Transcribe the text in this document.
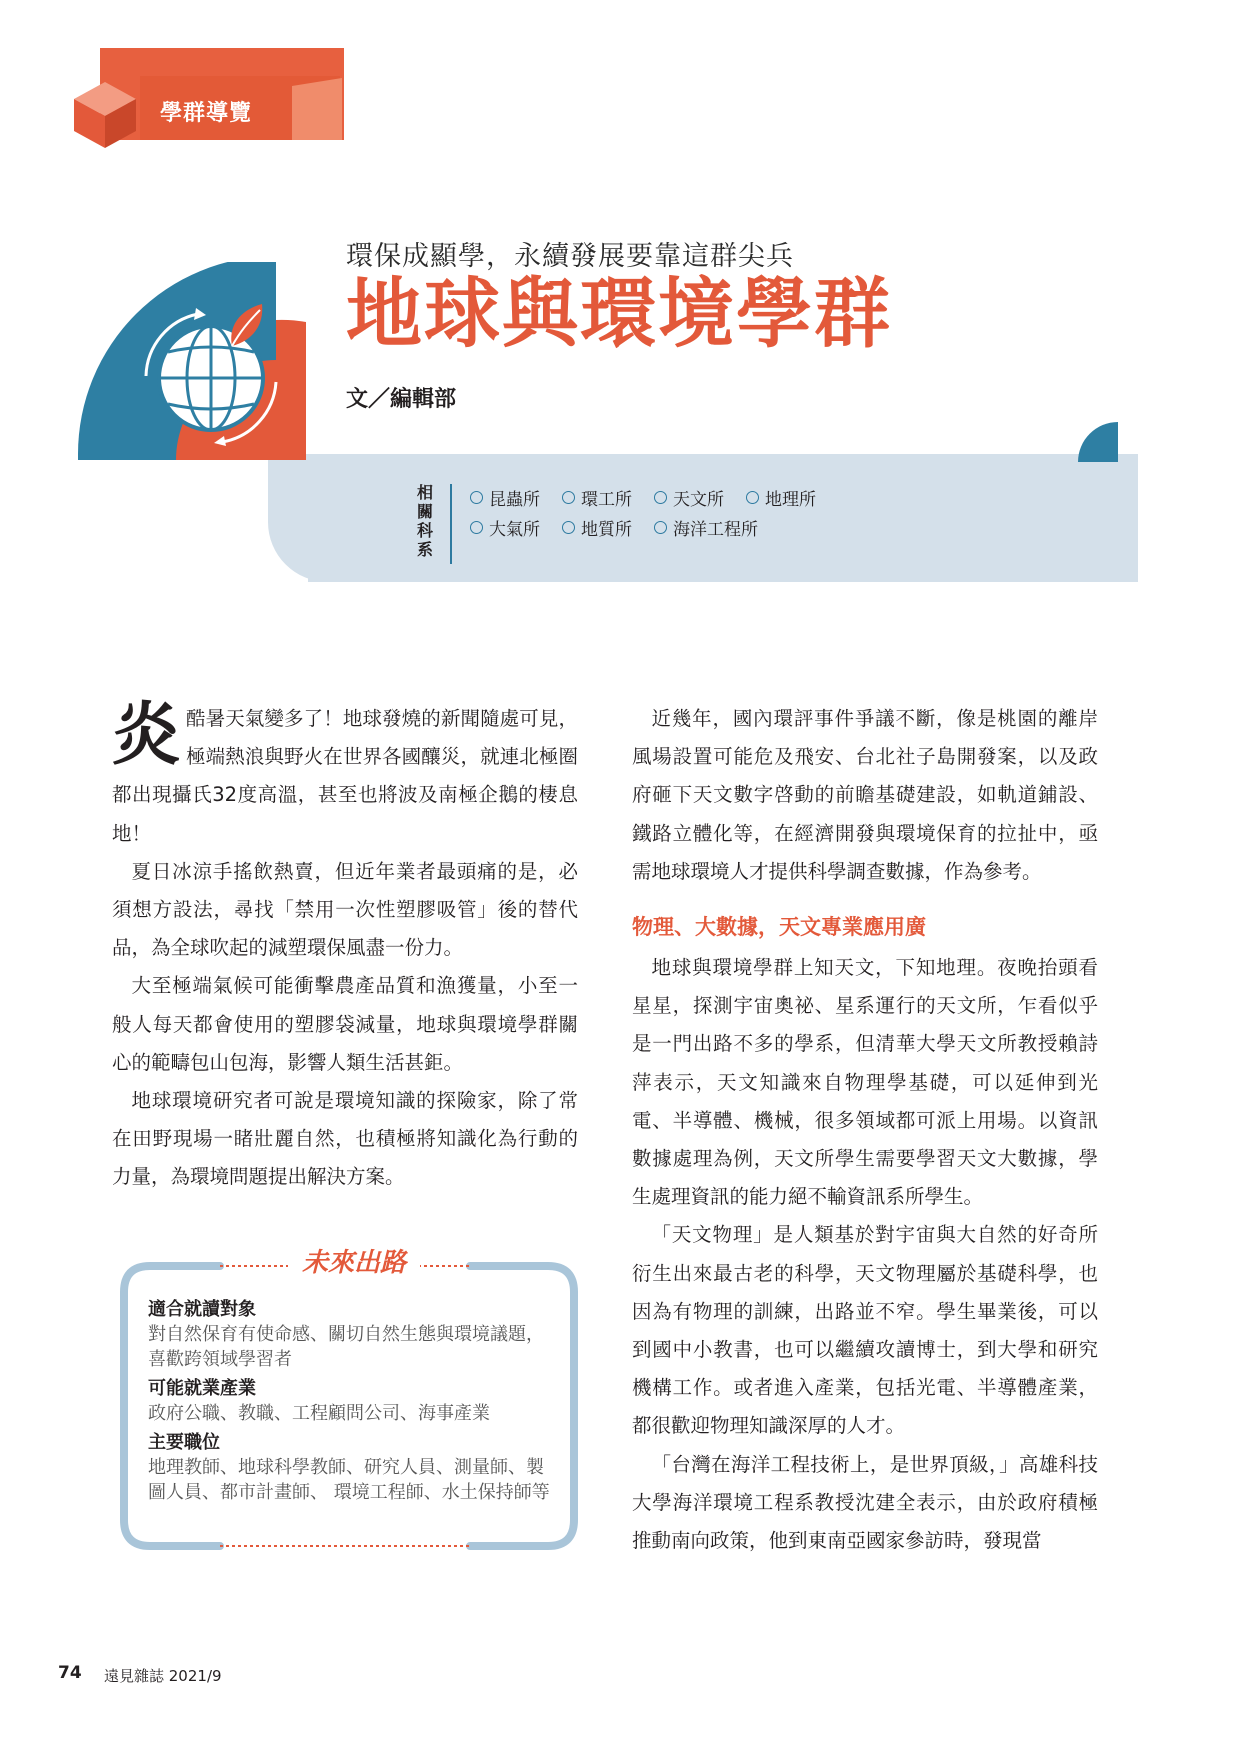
學群導覽
環保成顯學，永續發展要靠這群尖兵
地球與環境學群
文／編輯部
相關科系
昆蟲所 環工所 天文所 地理所

大氣所 地質所 海洋工程所

炎酷暑天氣變多了！地球發燒的新聞隨處可見，極端熱浪與野火在世界各國釀災，就連北極圈都出現攝氏32度高溫，甚至也將波及南極企鵝的棲息地！

夏日冰涼手搖飲熱賣，但近年業者最頭痛的是，必須想方設法，尋找「禁用一次性塑膠吸管」後的替代品，為全球吹起的減塑環保風盡一份力。

大至極端氣候可能衝擊農產品質和漁獲量，小至一般人每天都會使用的塑膠袋減量，地球與環境學群關心的範疇包山包海，影響人類生活甚鉅。

地球環境研究者可說是環境知識的探險家，除了常在田野現場一睹壯麗自然，也積極將知識化為行動的力量，為環境問題提出解決方案。

未來出路
適合就讀對象
對自然保育有使命感、關切自然生態與環境議題，喜歡跨領域學習者
可能就業產業
政府公職、教職、工程顧問公司、海事產業
主要職位
地理教師、地球科學教師、研究人員、測量師、製圖人員、都市計畫師、 環境工程師、水土保持師等

近幾年，國內環評事件爭議不斷，像是桃園的離岸風場設置可能危及飛安、台北社子島開發案，以及政府砸下天文數字啓動的前瞻基礎建設，如軌道鋪設、鐵路立體化等，在經濟開發與環境保育的拉扯中，亟需地球環境人才提供科學調查數據，作為參考。

物理、大數據，天文專業應用廣

地球與環境學群上知天文，下知地理。夜晚抬頭看星星，探測宇宙奧祕、星系運行的天文所，乍看似乎是一門出路不多的學系，但清華大學天文所教授賴詩萍表示，天文知識來自物理學基礎，可以延伸到光電、半導體、機械，很多領域都可派上用場。以資訊數據處理為例，天文所學生需要學習天文大數據，學生處理資訊的能力絕不輸資訊系所學生。

「天文物理」是人類基於對宇宙與大自然的好奇所衍生出來最古老的科學，天文物理屬於基礎科學，也因為有物理的訓練，出路並不窄。學生畢業後，可以到國中小教書，也可以繼續攻讀博士，到大學和研究機構工作。或者進入產業，包括光電、半導體產業，都很歡迎物理知識深厚的人才。

「台灣在海洋工程技術上，是世界頂級，」高雄科技大學海洋環境工程系教授沈建全表示，由於政府積極推動南向政策，他到東南亞國家參訪時，發現當

74 遠見雜誌 2021/9
